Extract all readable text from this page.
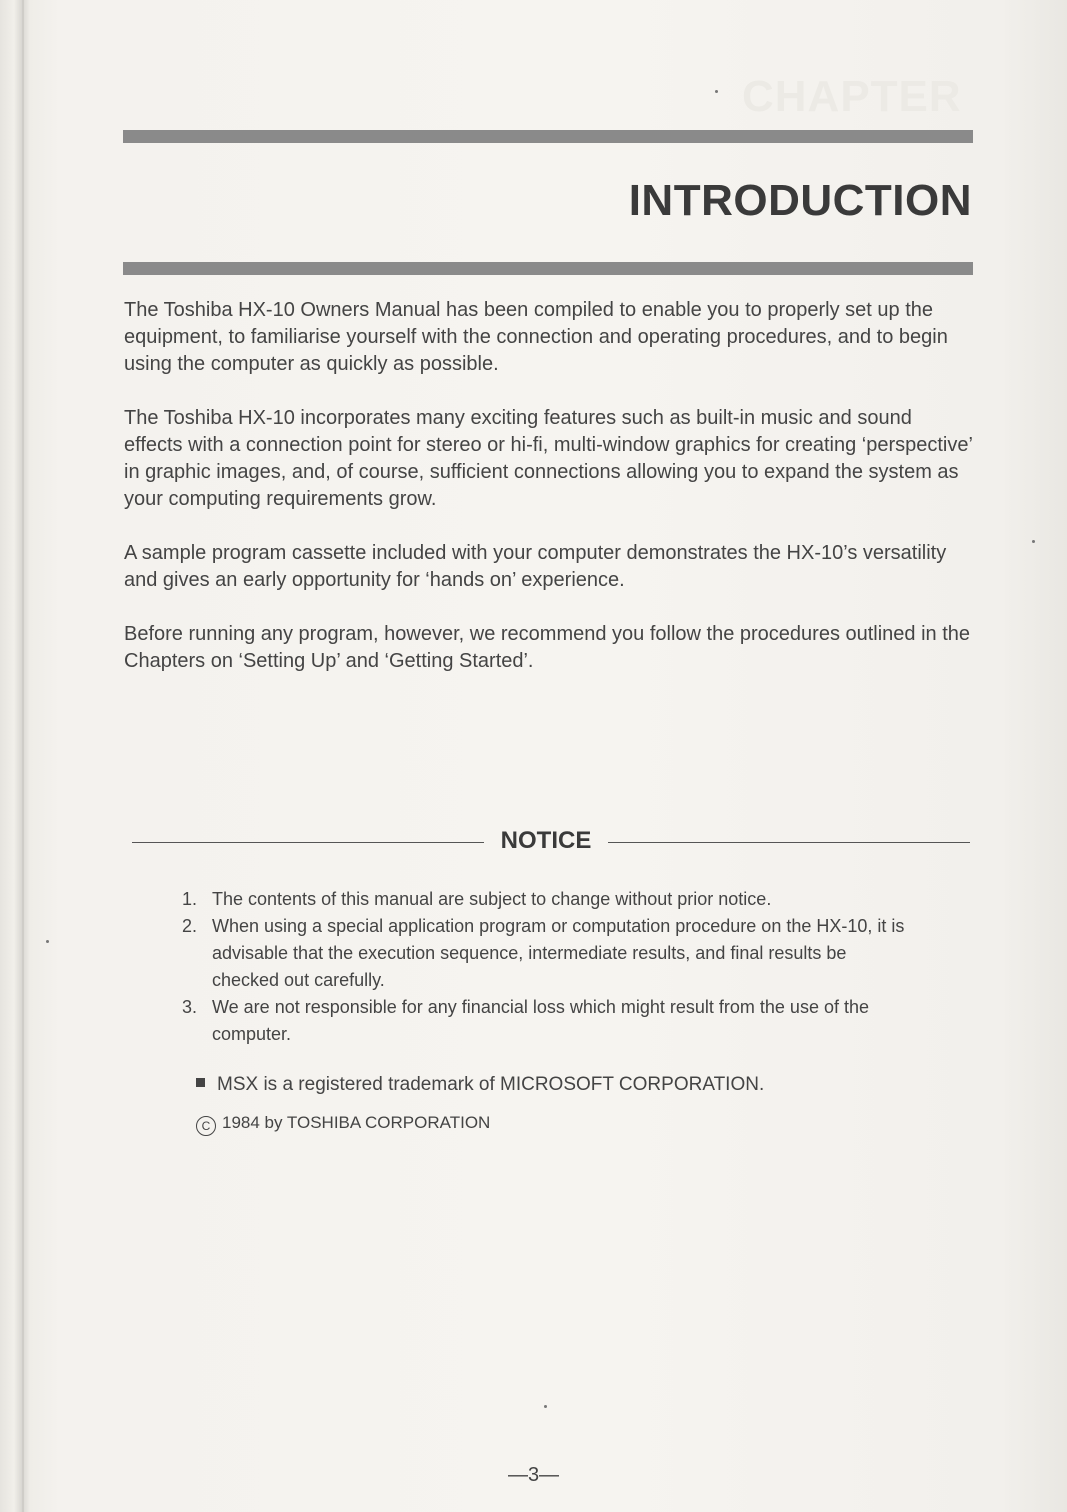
CHAPTER
INTRODUCTION

The Toshiba HX-10 Owners Manual has been compiled to enable you to properly set up the equipment, to familiarise yourself with the connection and operating procedures, and to begin using the computer as quickly as possible.

The Toshiba HX-10 incorporates many exciting features such as built-in music and sound effects with a connection point for stereo or hi-fi, multi-window graphics for creating ‘perspective’ in graphic images, and, of course, sufficient connections allowing you to expand the system as your computing requirements grow.

A sample program cassette included with your computer demonstrates the HX-10’s versatility and gives an early opportunity for ‘hands on’ experience.

Before running any program, however, we recommend you follow the procedures outlined in the Chapters on ‘Setting Up’ and ‘Getting Started’.

NOTICE
1. The contents of this manual are subject to change without prior notice.
2. When using a special application program or computation procedure on the HX-10, it is advisable that the execution sequence, intermediate results, and final results be checked out carefully.
3. We are not responsible for any financial loss which might result from the use of the computer.
MSX is a registered trademark of MICROSOFT CORPORATION.
C 1984 by TOSHIBA CORPORATION
—3—
